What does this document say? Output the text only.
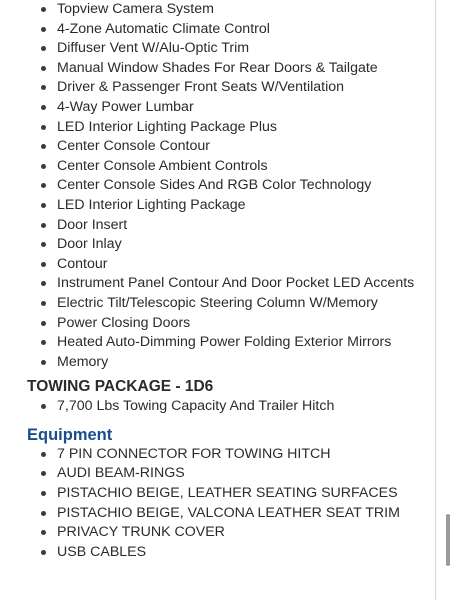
Topview Camera System
4-Zone Automatic Climate Control
Diffuser Vent W/Alu-Optic Trim
Manual Window Shades For Rear Doors & Tailgate
Driver & Passenger Front Seats W/Ventilation
4-Way Power Lumbar
LED Interior Lighting Package Plus
Center Console Contour
Center Console Ambient Controls
Center Console Sides And RGB Color Technology
LED Interior Lighting Package
Door Insert
Door Inlay
Contour
Instrument Panel Contour And Door Pocket LED Accents
Electric Tilt/Telescopic Steering Column W/Memory
Power Closing Doors
Heated Auto-Dimming Power Folding Exterior Mirrors
Memory
TOWING PACKAGE - 1D6
7,700 Lbs Towing Capacity And Trailer Hitch
Equipment
7 PIN CONNECTOR FOR TOWING HITCH
AUDI BEAM-RINGS
PISTACHIO BEIGE, LEATHER SEATING SURFACES
PISTACHIO BEIGE, VALCONA LEATHER SEAT TRIM
PRIVACY TRUNK COVER
USB CABLES
